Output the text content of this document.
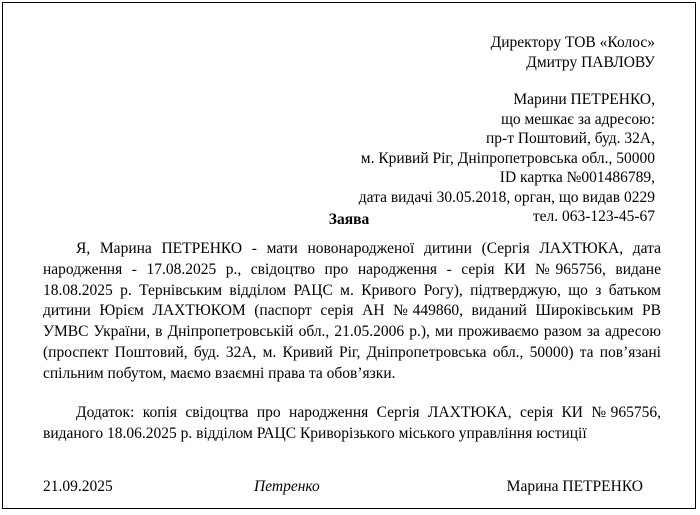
Директору ТОВ «Колос»
Дмитру ПАВЛОВУ
Марини ПЕТРЕНКО,
що мешкає за адресою:
пр-т Поштовий, буд. 32А,
м. Кривий Ріг, Дніпропетровська обл., 50000
ID картка №001486789,
дата видачі 30.05.2018, орган, що видав 0229
тел. 063-123-45-67
Заява
Я, Марина ПЕТРЕНКО - мати новонародженої дитини (Сергія ЛАХТЮКА, дата народження - 17.08.2025 р., свідоцтво про народження - серія КИ №965756, видане 18.08.2025 р. Тернівським відділом РАЦС м. Кривого Рогу), підтверджую, що з батьком дитини Юрієм ЛАХТЮКОМ (паспорт серія АН №449860, виданий Широківським РВ УМВС України, в Дніпропетровській обл., 21.05.2006 р.), ми проживаємо разом за адресою (проспект Поштовий, буд. 32А, м. Кривий Ріг, Дніпропетровська обл., 50000) та пов’язані спільним побутом, маємо взаємні права та обов’язки.
Додаток: копія свідоцтва про народження Сергія ЛАХТЮКА, серія КИ №965756, виданого 18.06.2025 р. відділом РАЦС Криворізького міського управління юстиції
21.09.2025	Петренко	Марина ПЕТРЕНКО
